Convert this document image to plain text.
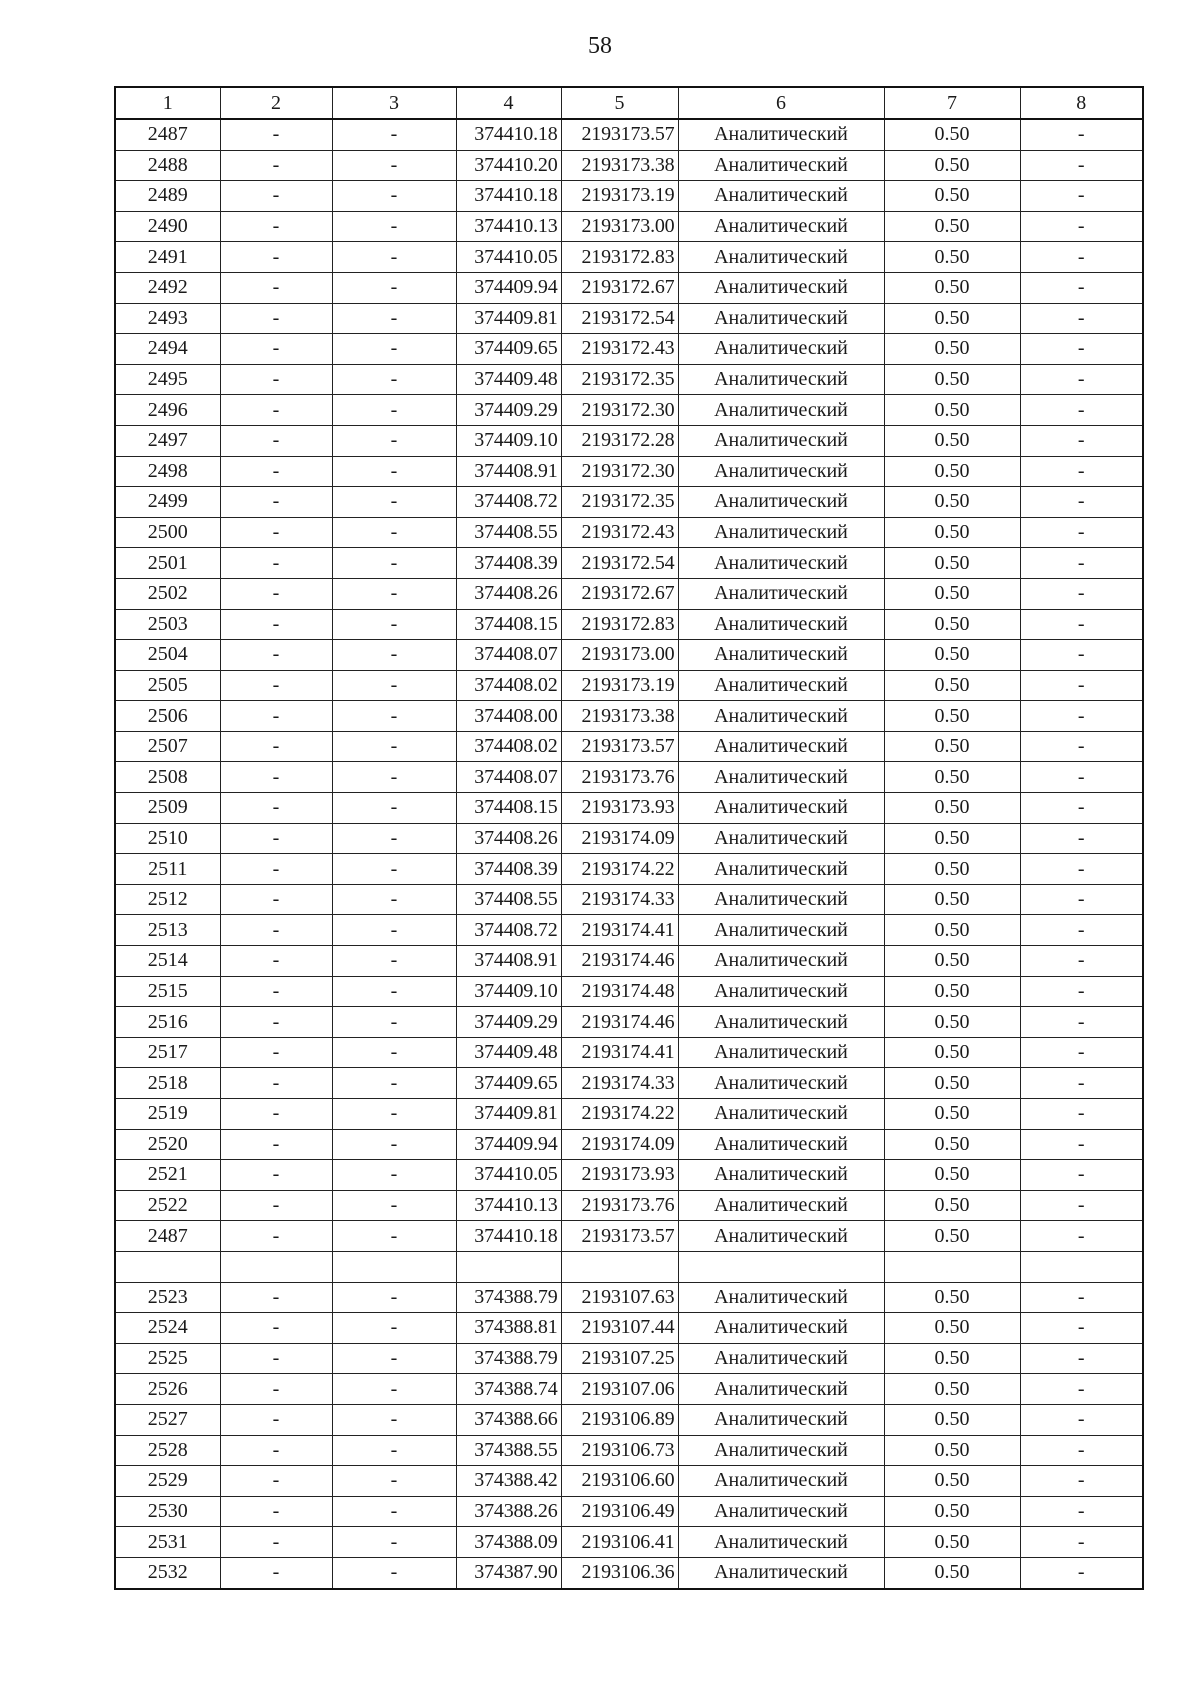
58
1	2	3	4	5	6	7	8
2487	-	-	374410.18	2193173.57	Аналитический	0.50	-
2488	-	-	374410.20	2193173.38	Аналитический	0.50	-
2489	-	-	374410.18	2193173.19	Аналитический	0.50	-
2490	-	-	374410.13	2193173.00	Аналитический	0.50	-
2491	-	-	374410.05	2193172.83	Аналитический	0.50	-
2492	-	-	374409.94	2193172.67	Аналитический	0.50	-
2493	-	-	374409.81	2193172.54	Аналитический	0.50	-
2494	-	-	374409.65	2193172.43	Аналитический	0.50	-
2495	-	-	374409.48	2193172.35	Аналитический	0.50	-
2496	-	-	374409.29	2193172.30	Аналитический	0.50	-
2497	-	-	374409.10	2193172.28	Аналитический	0.50	-
2498	-	-	374408.91	2193172.30	Аналитический	0.50	-
2499	-	-	374408.72	2193172.35	Аналитический	0.50	-
2500	-	-	374408.55	2193172.43	Аналитический	0.50	-
2501	-	-	374408.39	2193172.54	Аналитический	0.50	-
2502	-	-	374408.26	2193172.67	Аналитический	0.50	-
2503	-	-	374408.15	2193172.83	Аналитический	0.50	-
2504	-	-	374408.07	2193173.00	Аналитический	0.50	-
2505	-	-	374408.02	2193173.19	Аналитический	0.50	-
2506	-	-	374408.00	2193173.38	Аналитический	0.50	-
2507	-	-	374408.02	2193173.57	Аналитический	0.50	-
2508	-	-	374408.07	2193173.76	Аналитический	0.50	-
2509	-	-	374408.15	2193173.93	Аналитический	0.50	-
2510	-	-	374408.26	2193174.09	Аналитический	0.50	-
2511	-	-	374408.39	2193174.22	Аналитический	0.50	-
2512	-	-	374408.55	2193174.33	Аналитический	0.50	-
2513	-	-	374408.72	2193174.41	Аналитический	0.50	-
2514	-	-	374408.91	2193174.46	Аналитический	0.50	-
2515	-	-	374409.10	2193174.48	Аналитический	0.50	-
2516	-	-	374409.29	2193174.46	Аналитический	0.50	-
2517	-	-	374409.48	2193174.41	Аналитический	0.50	-
2518	-	-	374409.65	2193174.33	Аналитический	0.50	-
2519	-	-	374409.81	2193174.22	Аналитический	0.50	-
2520	-	-	374409.94	2193174.09	Аналитический	0.50	-
2521	-	-	374410.05	2193173.93	Аналитический	0.50	-
2522	-	-	374410.13	2193173.76	Аналитический	0.50	-
2487	-	-	374410.18	2193173.57	Аналитический	0.50	-

2523	-	-	374388.79	2193107.63	Аналитический	0.50	-
2524	-	-	374388.81	2193107.44	Аналитический	0.50	-
2525	-	-	374388.79	2193107.25	Аналитический	0.50	-
2526	-	-	374388.74	2193107.06	Аналитический	0.50	-
2527	-	-	374388.66	2193106.89	Аналитический	0.50	-
2528	-	-	374388.55	2193106.73	Аналитический	0.50	-
2529	-	-	374388.42	2193106.60	Аналитический	0.50	-
2530	-	-	374388.26	2193106.49	Аналитический	0.50	-
2531	-	-	374388.09	2193106.41	Аналитический	0.50	-
2532	-	-	374387.90	2193106.36	Аналитический	0.50	-
